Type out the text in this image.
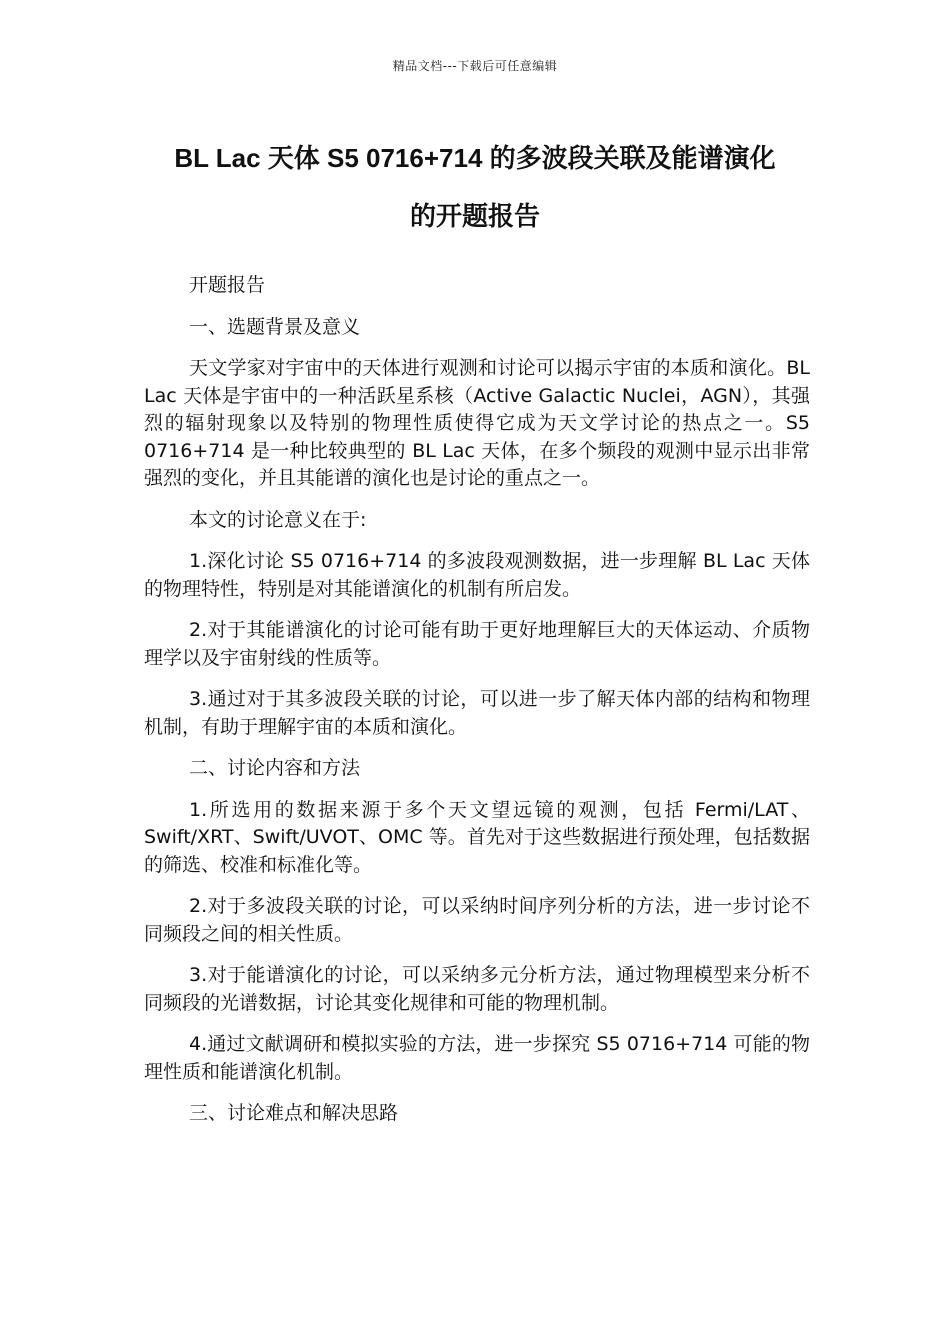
精品文档---下载后可任意编辑
BL Lac 天体 S5 0716+714 的多波段关联及能谱演化
的开题报告

开题报告

一、选题背景及意义

天文学家对宇宙中的天体进行观测和讨论可以揭示宇宙的本质和演化。BL Lac 天体是宇宙中的一种活跃星系核（Active Galactic Nuclei，AGN），其强烈的辐射现象以及特别的物理性质使得它成为天文学讨论的热点之一。S5 0716+714 是一种比较典型的 BL Lac 天体，在多个频段的观测中显示出非常强烈的变化，并且其能谱的演化也是讨论的重点之一。

本文的讨论意义在于:

1.深化讨论 S5 0716+714 的多波段观测数据，进一步理解 BL Lac 天体的物理特性，特别是对其能谱演化的机制有所启发。

2.对于其能谱演化的讨论可能有助于更好地理解巨大的天体运动、介质物理学以及宇宙射线的性质等。

3.通过对于其多波段关联的讨论，可以进一步了解天体内部的结构和物理机制，有助于理解宇宙的本质和演化。

二、讨论内容和方法

1.所选用的数据来源于多个天文望远镜的观测，包括 Fermi/LAT、Swift/XRT、Swift/UVOT、OMC 等。首先对于这些数据进行预处理，包括数据的筛选、校准和标准化等。

2.对于多波段关联的讨论，可以采纳时间序列分析的方法，进一步讨论不同频段之间的相关性质。

3.对于能谱演化的讨论，可以采纳多元分析方法，通过物理模型来分析不同频段的光谱数据，讨论其变化规律和可能的物理机制。

4.通过文献调研和模拟实验的方法，进一步探究 S5 0716+714 可能的物理性质和能谱演化机制。

三、讨论难点和解决思路
